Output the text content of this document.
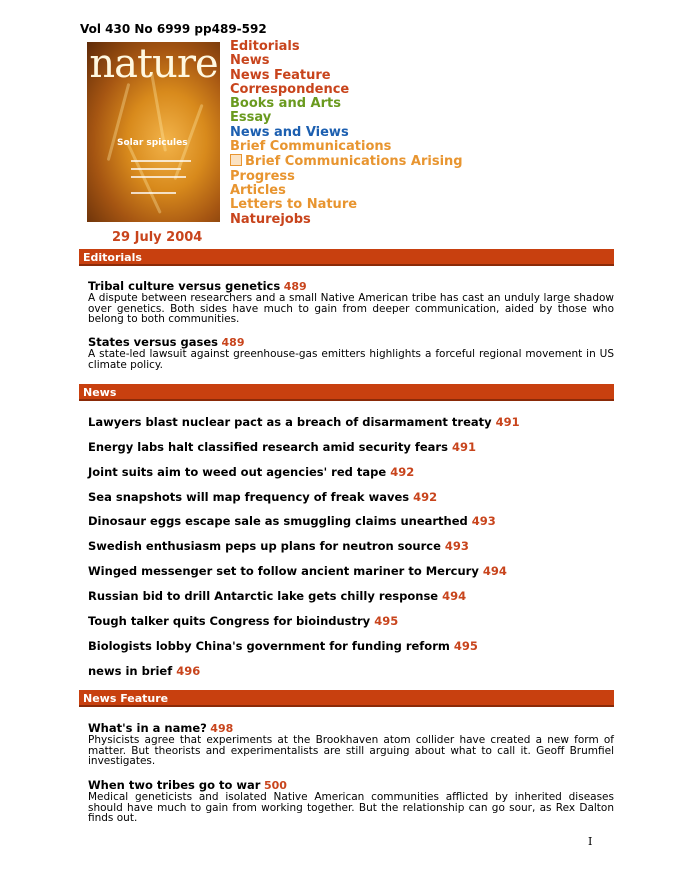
Vol 430 No 6999 pp489-592
nature
Solar spicules
Editorials
News
News Feature
Correspondence
Books and Arts
Essay
News and Views
Brief Communications
Brief Communications Arising
Progress
Articles
Letters to Nature
Naturejobs
29 July 2004
Editorials
Tribal culture versus genetics 489
A dispute between researchers and a small Native American tribe has cast an unduly large shadow over genetics. Both sides have much to gain from deeper communication, aided by those who belong to both communities.
States versus gases 489
A state-led lawsuit against greenhouse-gas emitters highlights a forceful regional movement in US climate policy.
News
Lawyers blast nuclear pact as a breach of disarmament treaty 491
Energy labs halt classified research amid security fears 491
Joint suits aim to weed out agencies' red tape 492
Sea snapshots will map frequency of freak waves 492
Dinosaur eggs escape sale as smuggling claims unearthed 493
Swedish enthusiasm peps up plans for neutron source 493
Winged messenger set to follow ancient mariner to Mercury 494
Russian bid to drill Antarctic lake gets chilly response 494
Tough talker quits Congress for bioindustry 495
Biologists lobby China's government for funding reform 495
news in brief 496
News Feature
What's in a name? 498
Physicists agree that experiments at the Brookhaven atom collider have created a new form of matter. But theorists and experimentalists are still arguing about what to call it. Geoff Brumfiel investigates.
When two tribes go to war 500
Medical geneticists and isolated Native American communities afflicted by inherited diseases should have much to gain from working together. But the relationship can go sour, as Rex Dalton finds out.
I
